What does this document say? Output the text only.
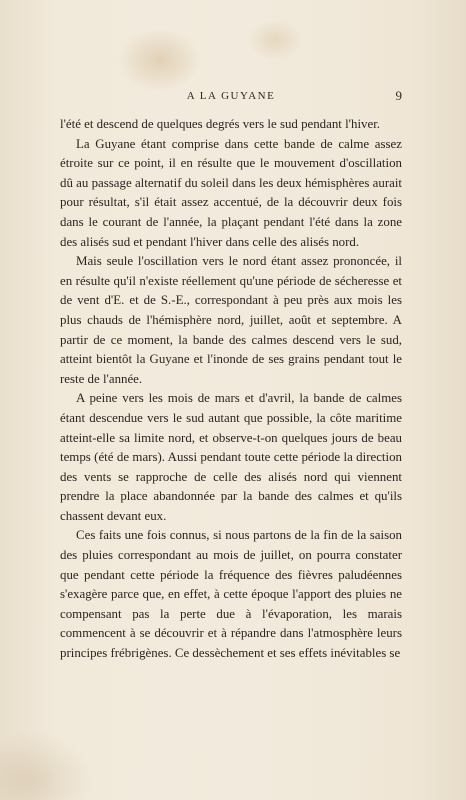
A LA GUYANE	9

l'été et descend de quelques degrés vers le sud pendant l'hiver.

La Guyane étant comprise dans cette bande de calme assez étroite sur ce point, il en résulte que le mouvement d'oscillation dû au passage alternatif du soleil dans les deux hémisphères aurait pour résultat, s'il était assez accentué, de la découvrir deux fois dans le courant de l'année, la plaçant pendant l'été dans la zone des alisés sud et pendant l'hiver dans celle des alisés nord.

Mais seule l'oscillation vers le nord étant assez prononcée, il en résulte qu'il n'existe réellement qu'une période de sécheresse et de vent d'E. et de S.-E., correspondant à peu près aux mois les plus chauds de l'hémisphère nord, juillet, août et septembre. A partir de ce moment, la bande des calmes descend vers le sud, atteint bientôt la Guyane et l'inonde de ses grains pendant tout le reste de l'année.

A peine vers les mois de mars et d'avril, la bande de calmes étant descendue vers le sud autant que possible, la côte maritime atteint-elle sa limite nord, et observe-t-on quelques jours de beau temps (été de mars). Aussi pendant toute cette période la direction des vents se rapproche de celle des alisés nord qui viennent prendre la place abandonnée par la bande des calmes et qu'ils chassent devant eux.

Ces faits une fois connus, si nous partons de la fin de la saison des pluies correspondant au mois de juillet, on pourra constater que pendant cette période la fréquence des fièvres paludéennes s'exagère parce que, en effet, à cette époque l'apport des pluies ne compensant pas la perte due à l'évaporation, les marais commencent à se découvrir et à répandre dans l'atmosphère leurs principes frébrigènes. Ce dessèchement et ses effets inévitables se
